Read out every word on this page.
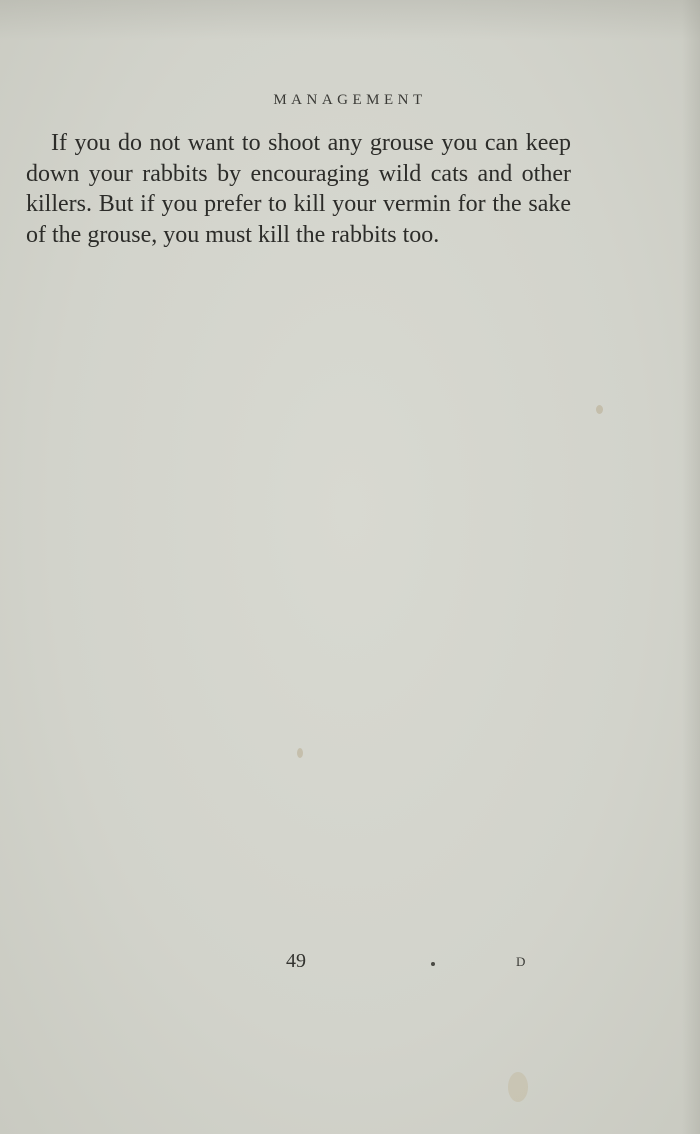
MANAGEMENT

If you do not want to shoot any grouse you can keep down your rabbits by encouraging wild cats and other killers. But if you prefer to kill your vermin for the sake of the grouse, you must kill the rabbits too.

49	D
